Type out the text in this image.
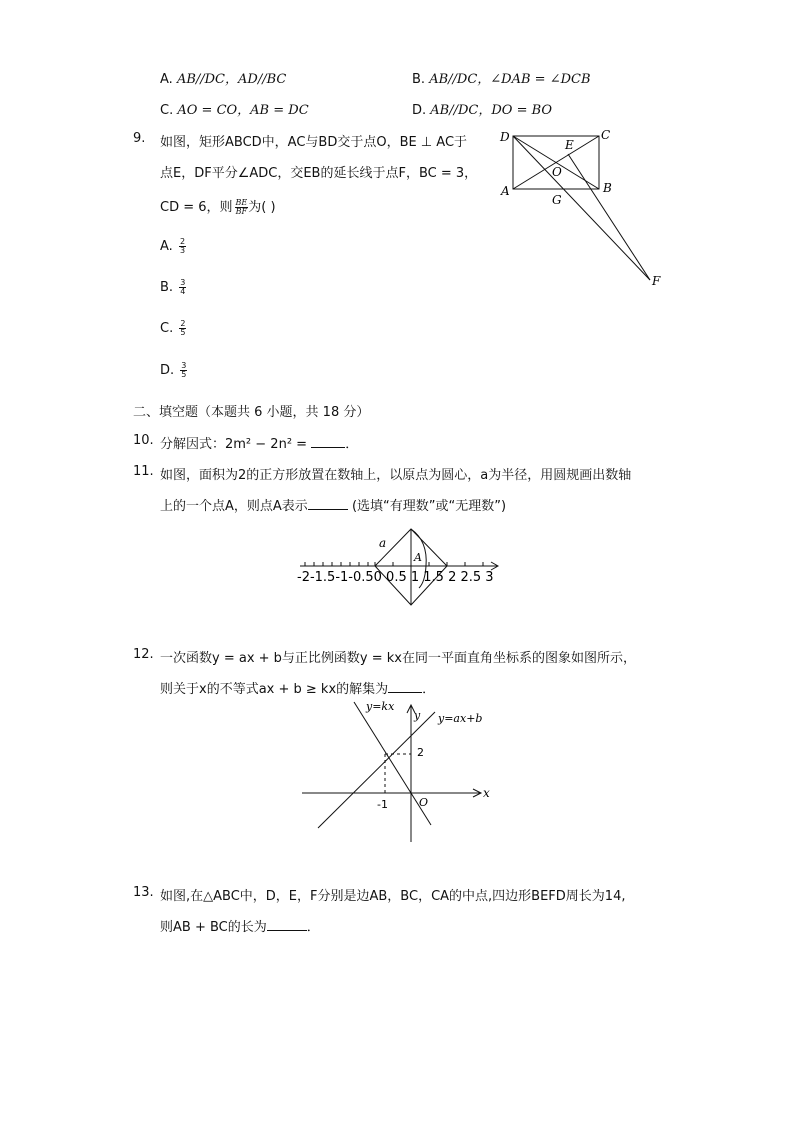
A. AB//DC，AD//BC	B. AB//DC，∠DAB = ∠DCB
C. AO = CO，AB = DC	D. AB//DC，DO = BO
9. 如图，矩形ABCD中，AC与BD交于点O，BE ⊥ AC于
点E，DF平分∠ADC，交EB的延长线于点F，BC = 3，
CD = 6，则 $\frac{BE}{BF}$ 为( )
A. $\frac{2}{3}$
B. $\frac{3}{4}$
C. $\frac{2}{5}$
D. $\frac{3}{5}$
D	C
E
O
A
G
B
F
二、填空题（本题共 6 小题，共 18 分）
10. 分解因式：2m² − 2n² =	．
11. 如图，面积为2的正方形放置在数轴上，以原点为圆心，a为半径，用圆规画出数轴
上的一个点A，则点A表示	(选填“有理数”或“无理数”)
a
A
-2-1.5-1-0.50 0.5 1 1.5 2 2.5 3
12. 一次函数y = ax + b与正比例函数y = kx在同一平面直角坐标系的图象如图所示，
则关于x的不等式ax + b ≥ kx的解集为	．
y=kx
y y=ax+b
2
-1	O
x
13. 如图,在△ABC中，D，E，F分别是边AB，BC，CA的中点,四边形BEFD周长为14,
则AB + BC的长为	．
